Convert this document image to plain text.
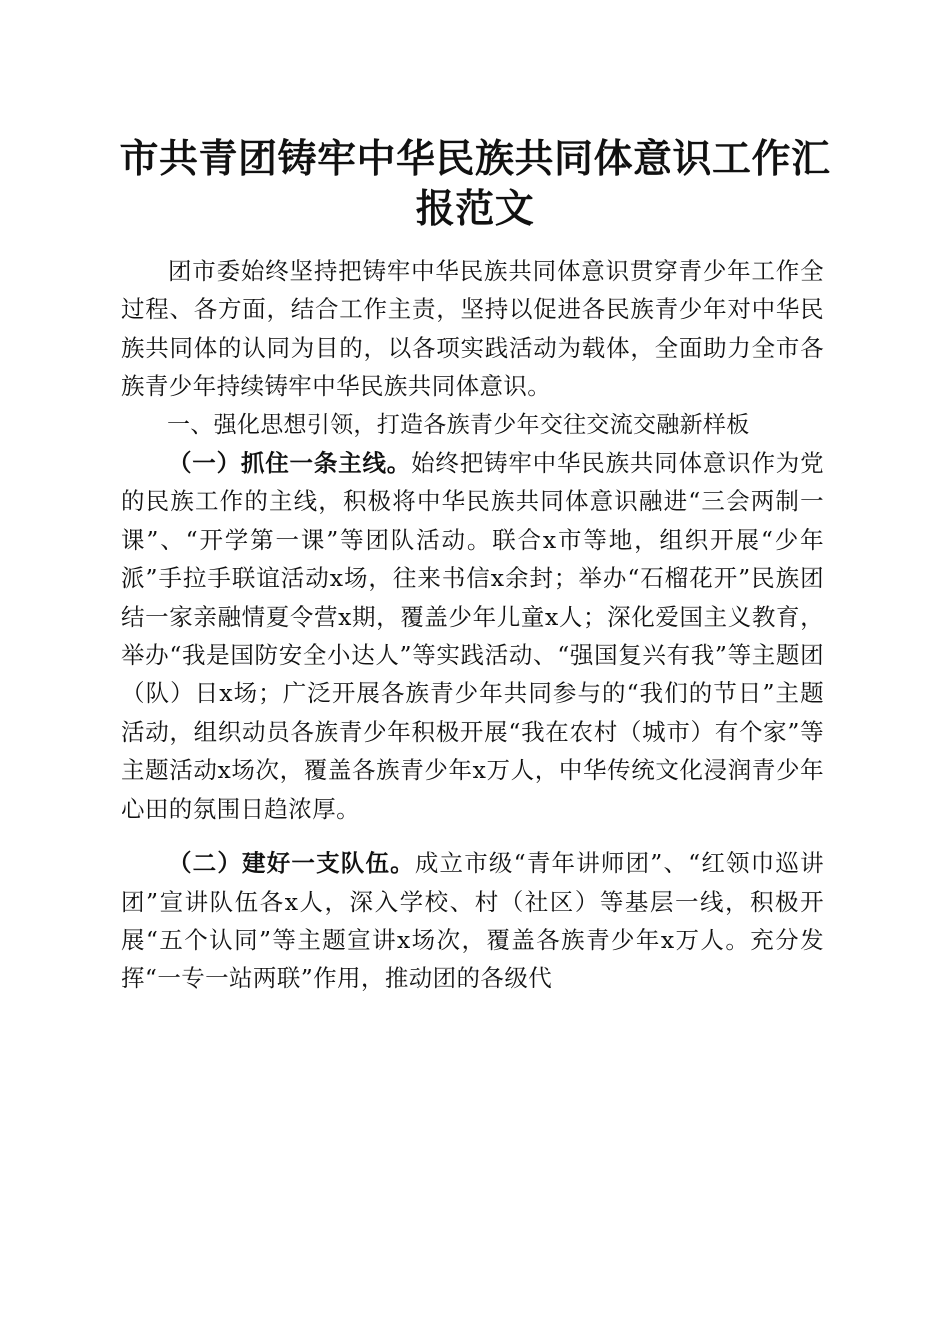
市共青团铸牢中华民族共同体意识工作汇报范文

团市委始终坚持把铸牢中华民族共同体意识贯穿青少年工作全过程、各方面，结合工作主责，坚持以促进各民族青少年对中华民族共同体的认同为目的，以各项实践活动为载体，全面助力全市各族青少年持续铸牢中华民族共同体意识。

一、强化思想引领，打造各族青少年交往交流交融新样板

（一）抓住一条主线。始终把铸牢中华民族共同体意识作为党的民族工作的主线，积极将中华民族共同体意识融进“三会两制一课”、“开学第一课”等团队活动。联合x市等地，组织开展“少年派”手拉手联谊活动x场，往来书信x余封；举办“石榴花开”民族团结一家亲融情夏令营x期，覆盖少年儿童x人；深化爱国主义教育，举办“我是国防安全小达人”等实践活动、“强国复兴有我”等主题团（队）日x场；广泛开展各族青少年共同参与的“我们的节日”主题活动，组织动员各族青少年积极开展“我在农村（城市）有个家”等主题活动x场次，覆盖各族青少年x万人，中华传统文化浸润青少年心田的氛围日趋浓厚。

（二）建好一支队伍。成立市级“青年讲师团”、“红领巾巡讲团”宣讲队伍各x人，深入学校、村（社区）等基层一线，积极开展“五个认同”等主题宣讲x场次，覆盖各族青少年x万人。充分发挥“一专一站两联”作用，推动团的各级代
